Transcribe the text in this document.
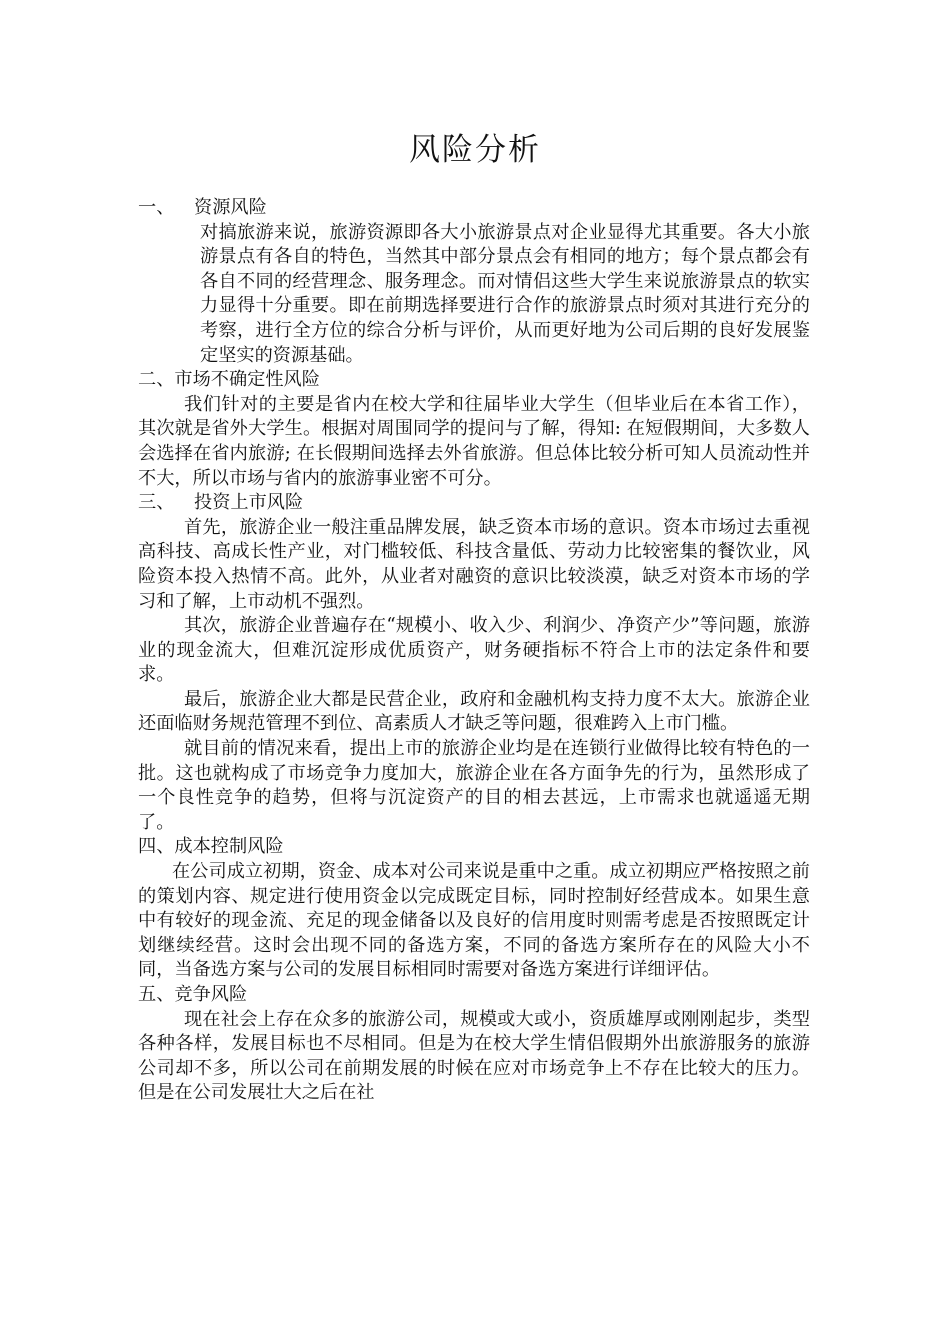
风险分析
一、 资源风险

对搞旅游来说，旅游资源即各大小旅游景点对企业显得尤其重要。各大小旅游景点有各自的特色，当然其中部分景点会有相同的地方；每个景点都会有各自不同的经营理念、服务理念。而对情侣这些大学生来说旅游景点的软实力显得十分重要。即在前期选择要进行合作的旅游景点时须对其进行充分的考察，进行全方位的综合分析与评价，从而更好地为公司后期的良好发展鉴定坚实的资源基础。

二、市场不确定性风险

我们针对的主要是省内在校大学和往届毕业大学生（但毕业后在本省工作），其次就是省外大学生。根据对周围同学的提问与了解，得知: 在短假期间，大多数人会选择在省内旅游; 在长假期间选择去外省旅游。但总体比较分析可知人员流动性并不大，所以市场与省内的旅游事业密不可分。

三、 投资上市风险

首先，旅游企业一般注重品牌发展，缺乏资本市场的意识。资本市场过去重视高科技、高成长性产业，对门槛较低、科技含量低、劳动力比较密集的餐饮业，风险资本投入热情不高。此外，从业者对融资的意识比较淡漠，缺乏对资本市场的学习和了解，上市动机不强烈。

其次，旅游企业普遍存在“规模小、收入少、利润少、净资产少”等问题，旅游业的现金流大，但难沉淀形成优质资产，财务硬指标不符合上市的法定条件和要求。

最后，旅游企业大都是民营企业，政府和金融机构支持力度不太大。旅游企业还面临财务规范管理不到位、高素质人才缺乏等问题，很难跨入上市门槛。

就目前的情况来看，提出上市的旅游企业均是在连锁行业做得比较有特色的一批。这也就构成了市场竞争力度加大，旅游企业在各方面争先的行为，虽然形成了一个良性竞争的趋势，但将与沉淀资产的目的相去甚远，上市需求也就遥遥无期了。

四、成本控制风险

在公司成立初期，资金、成本对公司来说是重中之重。成立初期应严格按照之前的策划内容、规定进行使用资金以完成既定目标，同时控制好经营成本。如果生意中有较好的现金流、充足的现金储备以及良好的信用度时则需考虑是否按照既定计划继续经营。这时会出现不同的备选方案，不同的备选方案所存在的风险大小不同，当备选方案与公司的发展目标相同时需要对备选方案进行详细评估。

五、竞争风险

现在社会上存在众多的旅游公司，规模或大或小，资质雄厚或刚刚起步，类型各种各样，发展目标也不尽相同。但是为在校大学生情侣假期外出旅游服务的旅游公司却不多，所以公司在前期发展的时候在应对市场竞争上不存在比较大的压力。但是在公司发展壮大之后在社
